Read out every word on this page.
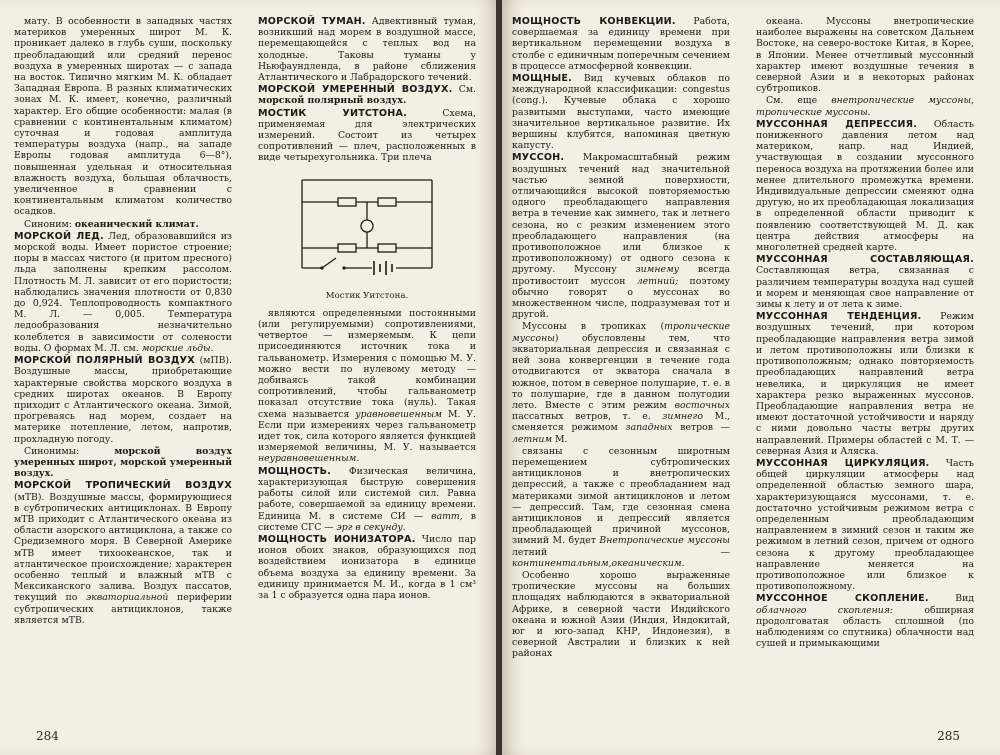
мату. В особенности в западных частях материков умеренных широт М. К. проникает далеко в глубь суши, поскольку преобладающий или средний перенос воздуха в умеренных широтах — с запада на восток. Типично мягким М. К. обладает Западная Европа. В разных климатических зонах М. К. имеет, конечно, различный характер. Его общие особенности: малая (в сравнении с континентальным климатом) суточная и годовая амплитуда температуры воздуха (напр., на западе Европы годовая амплитуда 6—8°), повышенная удельная и относительная влажность воздуха, большая облачность, увеличенное в сравнении с континентальным климатом количество осадков.

Синоним: океанический климат.

МОРСКОЙ ЛЕД. Лед, образовавшийся из морской воды. Имеет пористое строение; поры в массах чистого (и притом пресного) льда заполнены крепким рассолом. Плотность М. Л. зависит от его пористости; наблюдались значения плотности от 0,830 до 0,924. Теплопроводность компактного М. Л. — 0,005. Температура ледообразования незначительно колеблется в зависимости от солености воды. О формах М. Л. см. морские льды.

МОРСКОЙ ПОЛЯРНЫЙ ВОЗДУХ (мПВ). Воздушные массы, приобретающие характерные свойства морского воздуха в средних широтах океанов. В Европу приходит с Атлантического океана. Зимой, прогреваясь над морем, создает на материке потепление, летом, напротив, прохладную погоду.

Синонимы: морской воздух умеренных широт, морской умеренный воздух.

МОРСКОЙ ТРОПИЧЕСКИЙ ВОЗДУХ (мТВ). Воздушные массы, формирующиеся в субтропических антициклонах. В Европу мТВ приходит с Атлантического океана из области азорского антициклона, а также со Средиземного моря. В Северной Америке мТВ имеет тихоокеанское, так и атлантическое происхождение; характерен особенно теплый и влажный мТВ с Мексиканского залива. Воздух пассатов, текущий по экваториальной периферии субтропических антициклонов, также является мТВ.

МОРСКОЙ ТУМАН. Адвективный туман, возникший над морем в воздушной массе, перемещающейся с теплых вод на холодные. Таковы туманы у Ньюфаундленда, в районе сближения Атлантического и Лабрадорского течений.

МОРСКОЙ УМЕРЕННЫЙ ВОЗДУХ. См. морской полярный воздух.

МОСТИК УИТСТОНА. Схема, применяемая для электрических измерений. Состоит из четырех сопротивлений — плеч, расположенных в виде четырехугольника. Три плеча

Мостик Уитстона.

являются определенными постоянными (или регулируемыми) сопротивлениями, четвертое — измеряемым. К цепи присоединяются источник тока и гальванометр. Измерения с помощью М. У. можно вести по нулевому методу — добиваясь такой комбинации сопротивлений, чтобы гальванометр показал отсутствие тока (нуль). Такая схема называется уравновешенным М. У. Если при измерениях через гальванометр идет ток, сила которого является функцией измеряемой величины, М. У. называется неуравновешенным.

МОЩНОСТЬ. Физическая величина, характеризующая быструю совершения работы силой или системой сил. Равна работе, совершаемой за единицу времени. Единица М. в системе СИ — ватт, в системе СГС — эрг в секунду.

МОЩНОСТЬ ИОНИЗАТОРА. Число пар ионов обоих знаков, образующихся под воздействием ионизатора в единице объема воздуха за единицу времени. За единицу принимается М. И., когда в 1 см³ за 1 с образуется одна пара ионов.

284

МОЩНОСТЬ КОНВЕКЦИИ. Работа, совершаемая за единицу времени при вертикальном перемещении воздуха в столбе с единичным поперечным сечением в процессе атмосферной конвекции.

МОЩНЫЕ. Вид кучевых облаков по международной классификации: congestus (cong.). Кучевые облака с хорошо развитыми выступами, часто имеющие значительное вертикальное развитие. Их вершины клубятся, напоминая цветную капусту.

МУССОН. Макромасштабный режим воздушных течений над значительной частью земной поверхности, отличающийся высокой повторяемостью одного преобладающего направления ветра в течение как зимнего, так и летнего сезона, но с резким изменением этого преобладающего направления (на противоположное или близкое к противоположному) от одного сезона к другому. Муссону зимнему всегда противостоит муссон летний; поэтому обычно говорят о муссонах во множественном числе, подразумевая тот и другой.

Муссоны в тропиках (тропические муссоны) обусловлены тем, что экваториальная депрессия и связанная с ней зона конвергенции в течение года отодвигаются от экватора сначала в южное, потом в северное полушарие, т. е. в то полушарие, где в данном полугодии лето. Вместе с этим режим восточных пассатных ветров, т. е. зимнего М., сменяется режимом западных ветров — летним М.

связаны с сезонным широтным перемещением субтропических антициклонов и внетропических депрессий, а также с преобладанием над материками зимой антициклонов и летом — депрессий. Там, где сезонная смена антициклонов и депрессий является преобладающей причиной муссонов, зимний М. будет Внетропические муссоны летний — континентальным,океаническим.

Особенно хорошо выраженные тропические муссоны на больших площадях наблюдаются в экваториальной Африке, в северной части Индийского океана и южной Азии (Индия, Индокитай, юг и юго-запад КНР, Индонезия), в северной Австралии и близких к ней районах

океана. Муссоны внетропические наиболее выражены на советском Дальнем Востоке, на северо-востоке Китая, в Корее, в Японии. Менее отчетливый муссонный характер имеют воздушные течения в северной Азии и в некоторых районах субтропиков.

См. еще внетропические муссоны, тропические муссоны.

МУССОННАЯ ДЕПРЕССИЯ. Область пониженного давления летом над материком, напр. над Индией, участвующая в создании муссонного переноса воздуха на протяжении более или менее длительного промежутка времени. Индивидуальные депрессии сменяют одна другую, но их преобладающая локализация в определенной области приводит к появлению соответствующей М. Д. как центра действия атмосферы на многолетней средней карте.

МУССОННАЯ СОСТАВЛЯЮЩАЯ. Составляющая ветра, связанная с различием температуры воздуха над сушей и морем и меняющая свое направление от зимы к лету и от лета к зиме.

МУССОННАЯ ТЕНДЕНЦИЯ. Режим воздушных течений, при котором преобладающие направления ветра зимой и летом противоположны или близки к противоположным; однако повторяемость преобладающих направлений ветра невелика, и циркуляция не имеет характера резко выраженных муссонов. Преобладающие направления ветра не имеют достаточной устойчивости и наряду с ними довольно часты ветры других направлений. Примеры областей с М. Т. — северная Азия и Аляска.

МУССОННАЯ ЦИРКУЛЯЦИЯ. Часть общей циркуляции атмосферы над определенной областью земного шара, характеризующаяся муссонами, т. е. достаточно устойчивым режимом ветра с определенным преобладающим направлением в зимний сезон и таким же режимом в летний сезон, причем от одного сезона к другому преобладающее направление меняется на противоположное или близкое к противоположному.

МУССОННОЕ СКОПЛЕНИЕ. Вид облачного скопления: обширная продолговатая область сплошной (по наблюдениям со спутника) облачности над сушей и примыкающими

285
